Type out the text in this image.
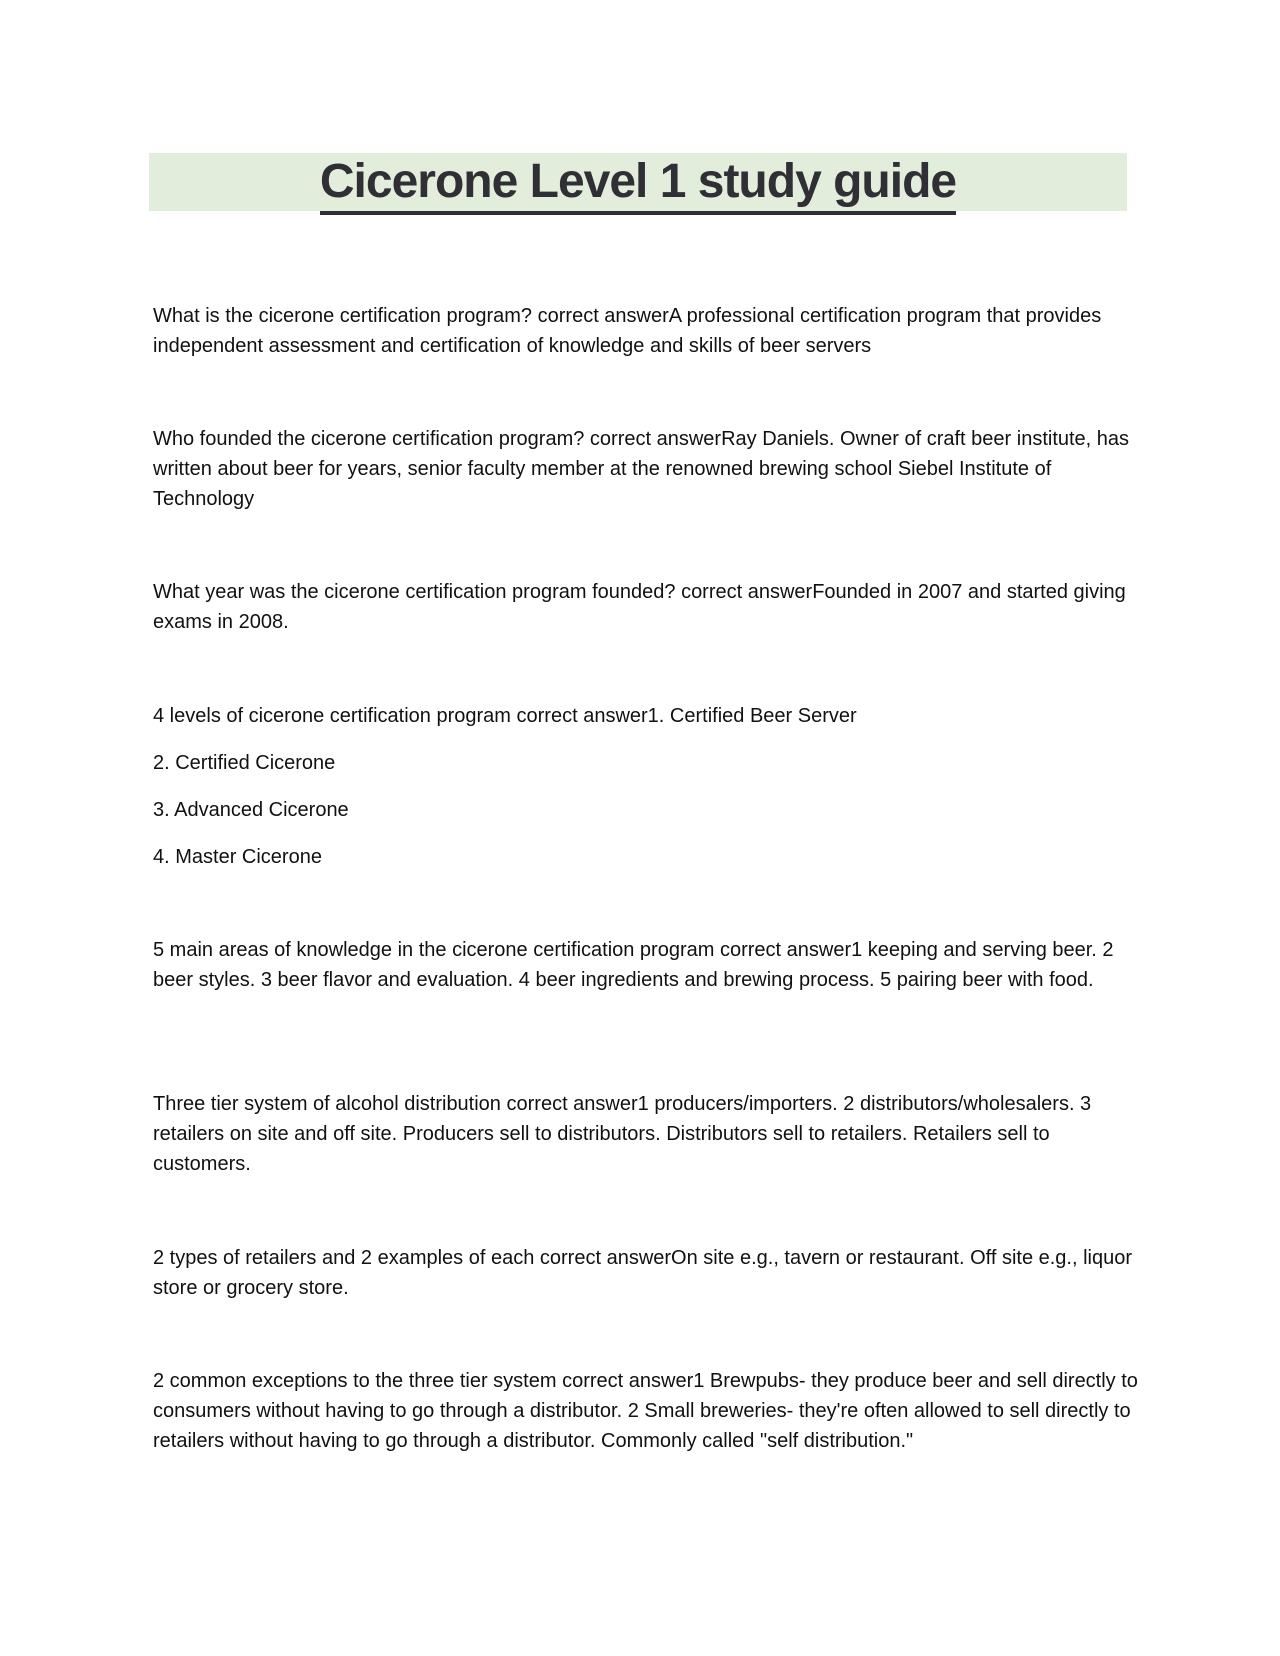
Cicerone Level 1 study guide

What is the cicerone certification program? correct answerA professional certification program that provides independent assessment and certification of knowledge and skills of beer servers

Who founded the cicerone certification program? correct answerRay Daniels. Owner of craft beer institute, has written about beer for years, senior faculty member at the renowned brewing school Siebel Institute of Technology

What year was the cicerone certification program founded? correct answerFounded in 2007 and started giving exams in 2008.

4 levels of cicerone certification program correct answer1. Certified Beer Server

2. Certified Cicerone

3. Advanced Cicerone

4. Master Cicerone

5 main areas of knowledge in the cicerone certification program correct answer1 keeping and serving beer. 2 beer styles. 3 beer flavor and evaluation. 4 beer ingredients and brewing process. 5 pairing beer with food.

Three tier system of alcohol distribution correct answer1 producers/importers. 2 distributors/wholesalers. 3 retailers on site and off site. Producers sell to distributors. Distributors sell to retailers. Retailers sell to customers.

2 types of retailers and 2 examples of each correct answerOn site e.g., tavern or restaurant. Off site e.g., liquor store or grocery store.

2 common exceptions to the three tier system correct answer1 Brewpubs- they produce beer and sell directly to consumers without having to go through a distributor. 2 Small breweries- they're often allowed to sell directly to retailers without having to go through a distributor. Commonly called "self distribution."
